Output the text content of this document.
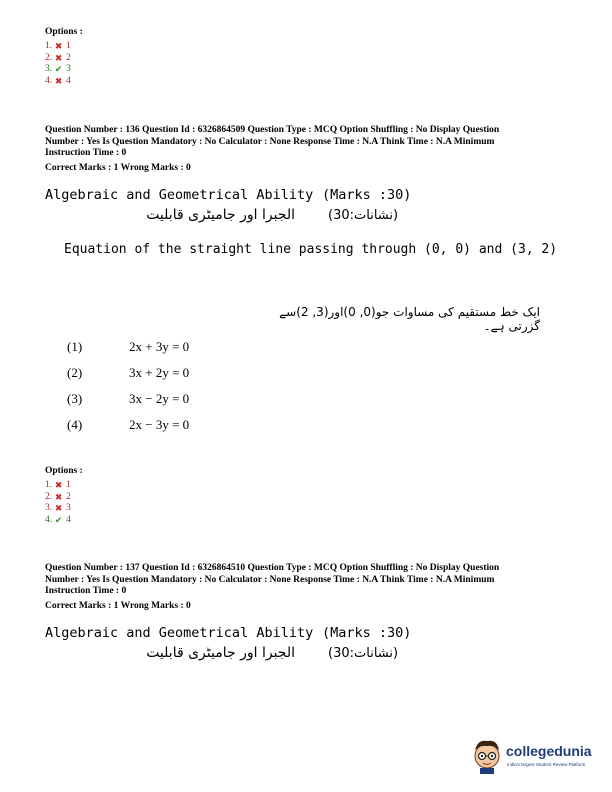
Options :
1. ✖ 1
2. ✖ 2
3. ✔ 3
4. ✖ 4
Question Number : 136 Question Id : 6326864509 Question Type : MCQ Option Shuffling : No Display Question
Number : Yes Is Question Mandatory : No Calculator : None Response Time : N.A Think Time : N.A Minimum
Instruction Time : 0
Correct Marks : 1 Wrong Marks : 0
Algebraic and Geometrical Ability (Marks :30)
الجبرا اور جامیٹری قابلیت	(نشانات:30)
Equation of the straight line passing through (0, 0) and (3, 2)
ایک خط مستقیم کی مساوات جو(0, 0)اور(3, 2)سے گزرتی ہے۔
(1)	2x + 3y = 0
(2)	3x + 2y = 0
(3)	3x − 2y = 0
(4)	2x − 3y = 0
Options :
1. ✖ 1
2. ✖ 2
3. ✖ 3
4. ✔ 4
Question Number : 137 Question Id : 6326864510 Question Type : MCQ Option Shuffling : No Display Question
Number : Yes Is Question Mandatory : No Calculator : None Response Time : N.A Think Time : N.A Minimum
Instruction Time : 0
Correct Marks : 1 Wrong Marks : 0
Algebraic and Geometrical Ability (Marks :30)
الجبرا اور جامیٹری قابلیت	(نشانات:30)
collegedunia
India's largest Student Review Platform
